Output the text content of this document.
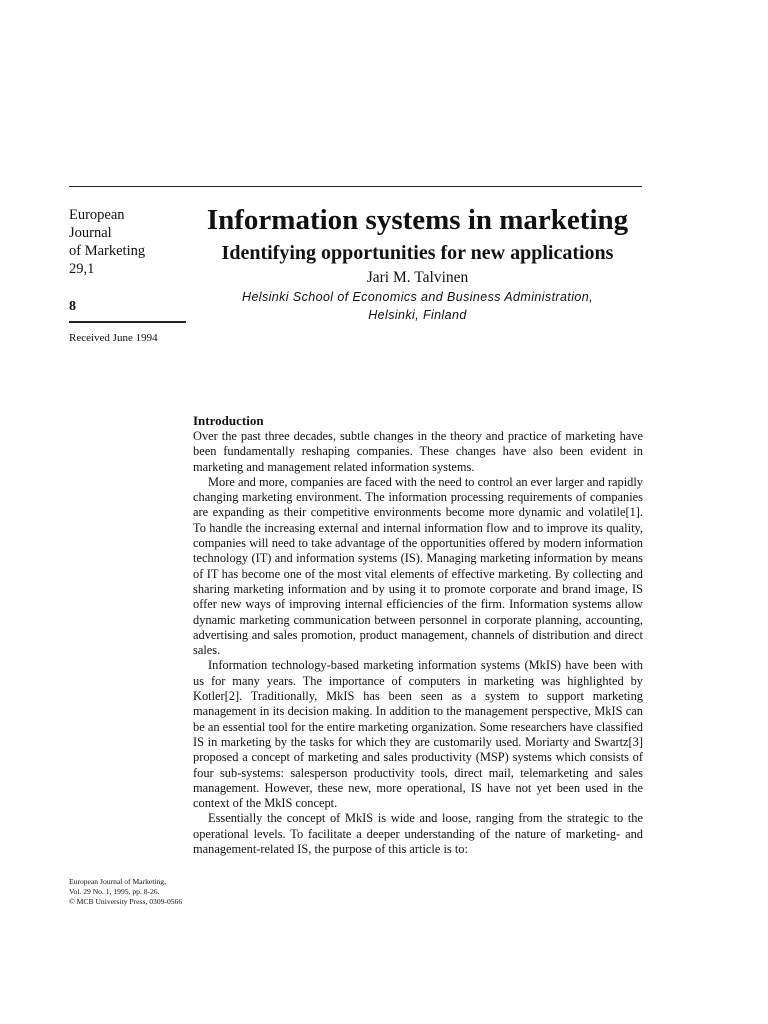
European
Journal
of Marketing
29,1
8
Received June 1994
European Journal of Marketing,
Vol. 29 No. 1, 1995, pp. 8-26.
© MCB University Press, 0309-0566
Information systems in marketing
Identifying opportunities for new applications
Jari M. Talvinen
Helsinki School of Economics and Business Administration,
Helsinki, Finland
Introduction

Over the past three decades, subtle changes in the theory and practice of marketing have been fundamentally reshaping companies. These changes have also been evident in marketing and management related information systems.

More and more, companies are faced with the need to control an ever larger and rapidly changing marketing environment. The information processing requirements of companies are expanding as their competitive environments become more dynamic and volatile[1]. To handle the increasing external and internal information flow and to improve its quality, companies will need to take advantage of the opportunities offered by modern information technology (IT) and information systems (IS). Managing marketing information by means of IT has become one of the most vital elements of effective marketing. By collecting and sharing marketing information and by using it to promote corporate and brand image, IS offer new ways of improving internal efficiencies of the firm. Information systems allow dynamic marketing communication between personnel in corporate planning, accounting, advertising and sales promotion, product management, channels of distribution and direct sales.

Information technology-based marketing information systems (MkIS) have been with us for many years. The importance of computers in marketing was highlighted by Kotler[2]. Traditionally, MkIS has been seen as a system to support marketing management in its decision making. In addition to the management perspective, MkIS can be an essential tool for the entire marketing organization. Some researchers have classified IS in marketing by the tasks for which they are customarily used. Moriarty and Swartz[3] proposed a concept of marketing and sales productivity (MSP) systems which consists of four sub-systems: salesperson productivity tools, direct mail, telemarketing and sales management. However, these new, more operational, IS have not yet been used in the context of the MkIS concept.

Essentially the concept of MkIS is wide and loose, ranging from the strategic to the operational levels. To facilitate a deeper understanding of the nature of marketing- and management-related IS, the purpose of this article is to:
